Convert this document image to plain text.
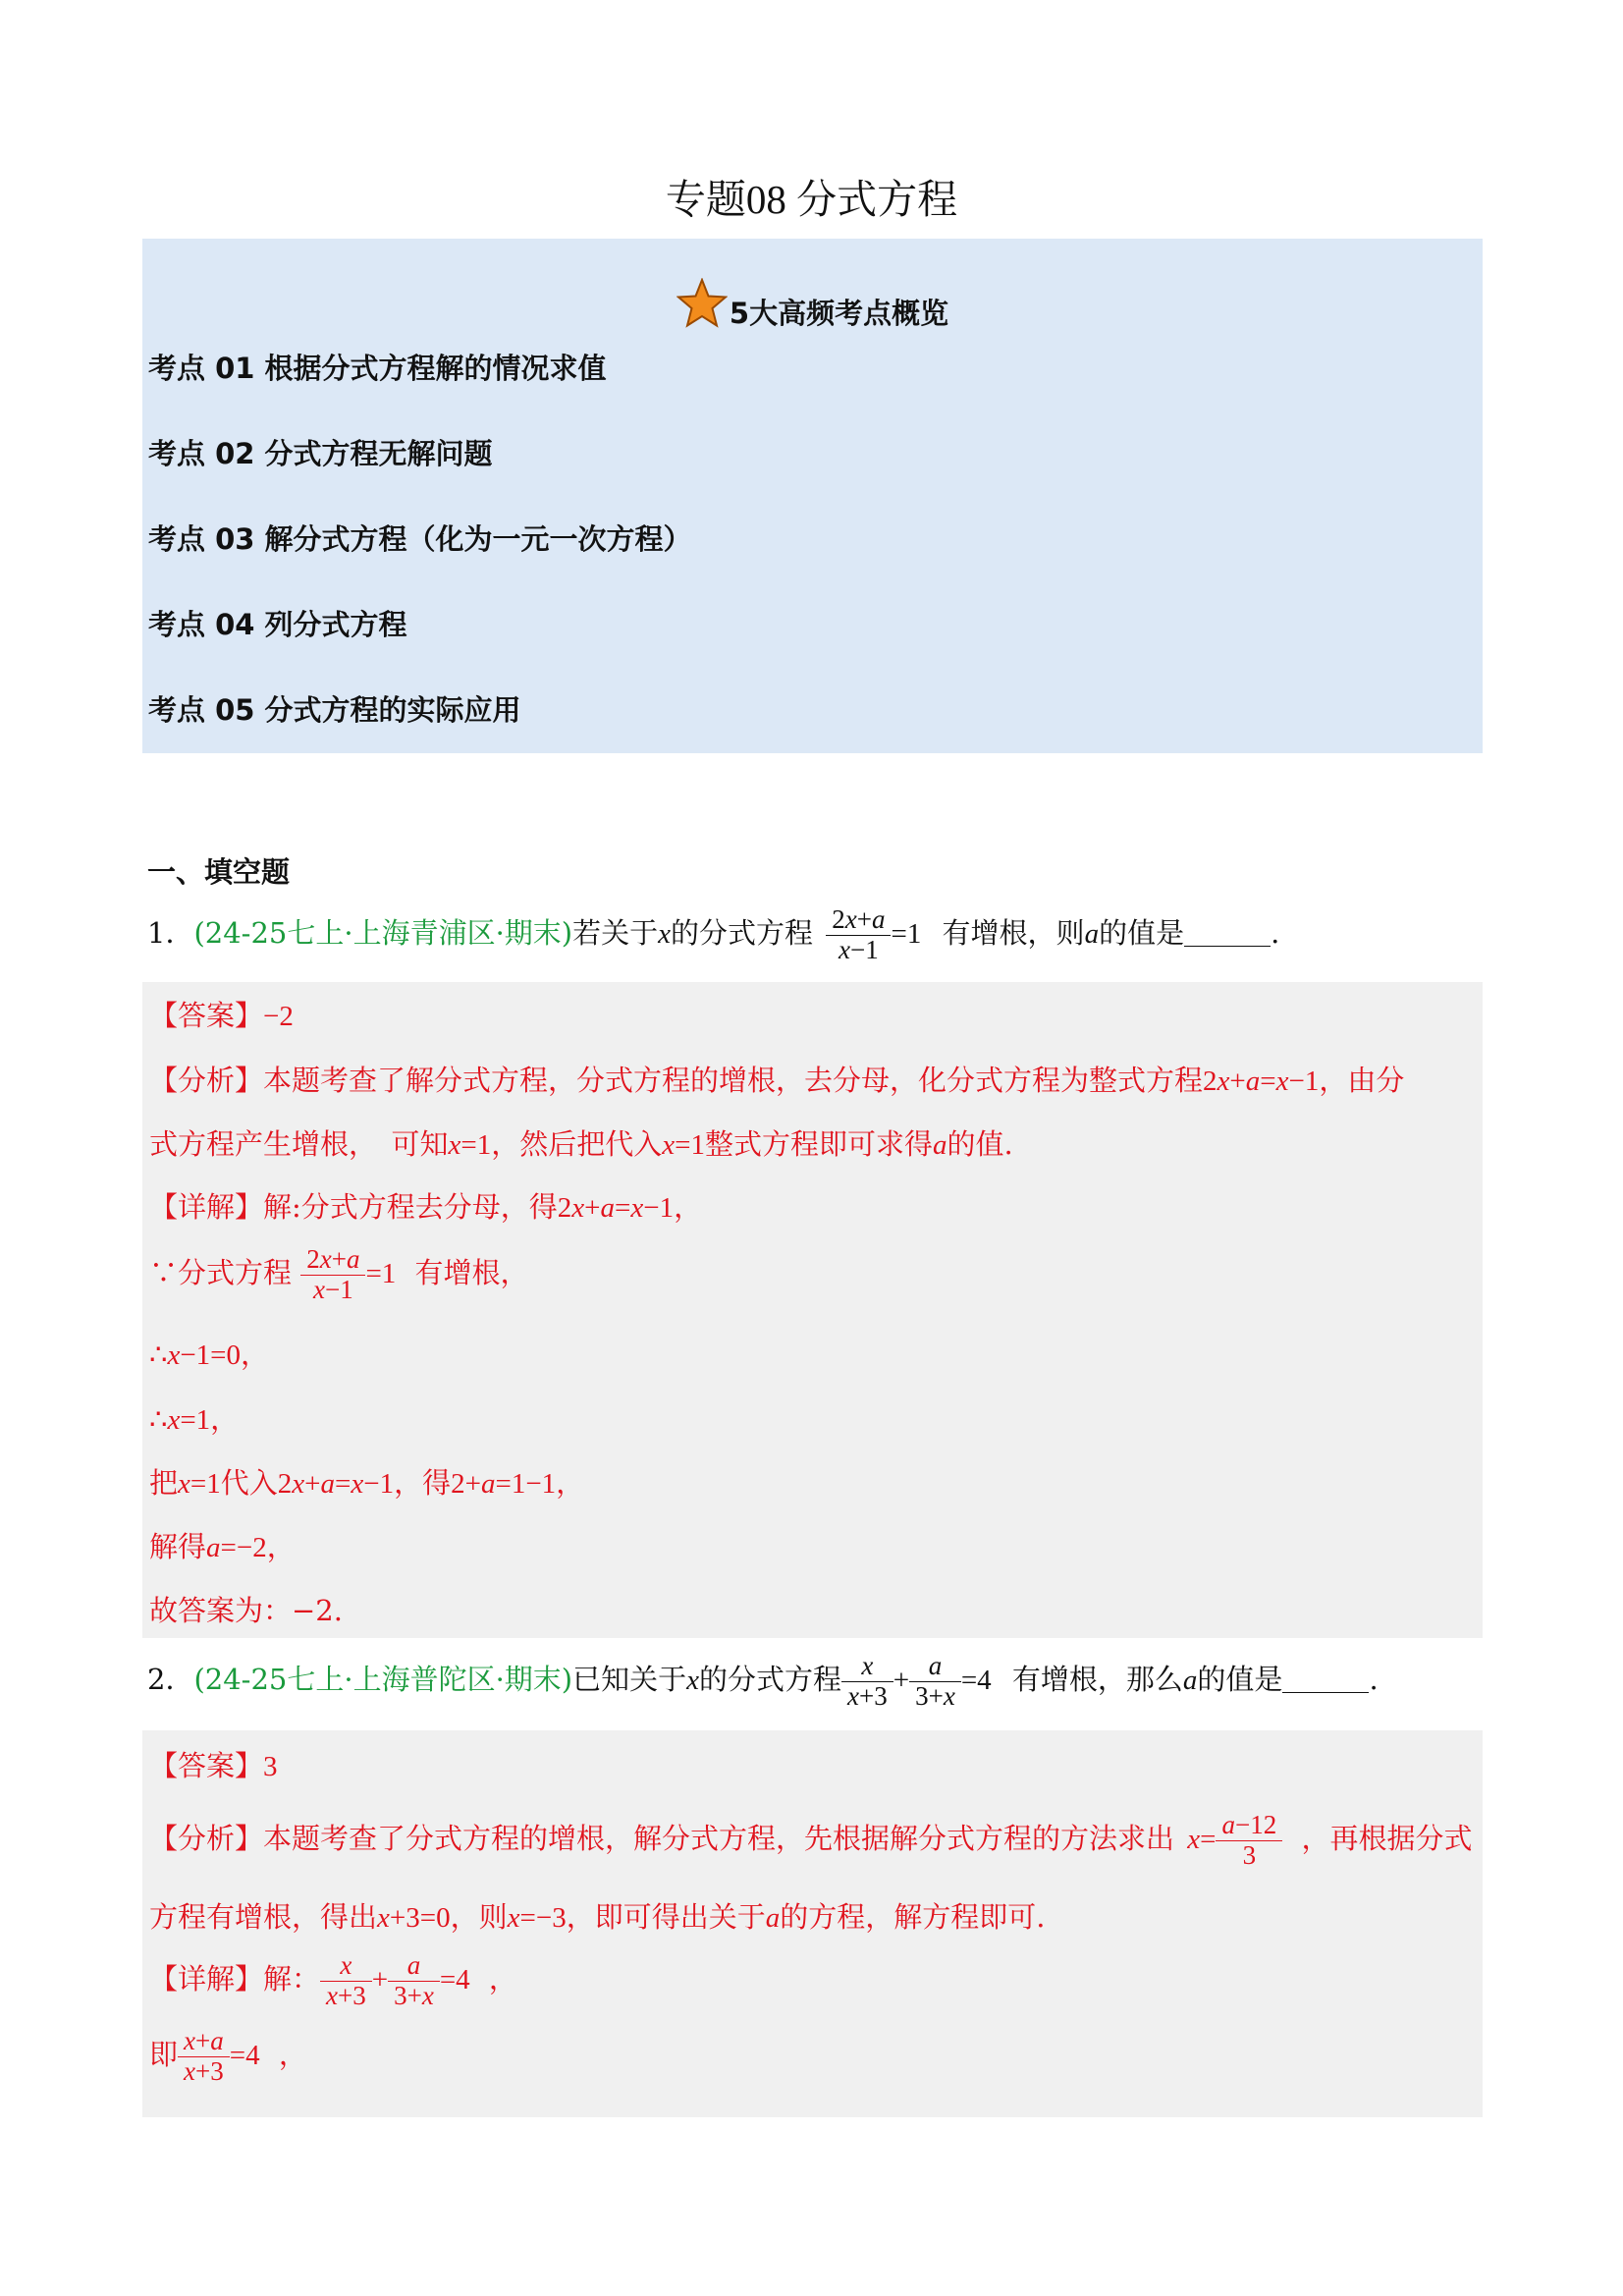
专题08 分式方程
5大高频考点概览
考点 01 根据分式方程解的情况求值
考点 02 分式方程无解问题
考点 03 解分式方程（化为一元一次方程）
考点 04 列分式方程
考点 05 分式方程的实际应用
一、填空题
1．(24-25七上·上海青浦区·期末)若关于x的分式方程 $\frac{2x+a}{x-1} =1$ 有增根，则a的值是	.
【答案】−2
【分析】本题考查了解分式方程，分式方程的增根，去分母，化分式方程为整式方程2x+a=x−1，由分
式方程产生增根，　可知x=1，然后把代入x=1整式方程即可求得a的值.
【详解】解:分式方程去分母，得2x+a=x−1，
∵分式方程 $\frac{2x+a}{x-1} =1$ 有增根，
∴x−1=0，
∴x=1，
把x=1代入2x+a=x−1，得2+a=1−1，
解得a=−2，
故答案为：−2.
2．(24-25七上·上海普陀区·期末)已知关于x的分式方程 $\frac{x}{x+3} + \frac{a}{3+x} =4$ 有增根，那么a的值是	.
【答案】3
【分析】本题考查了分式方程的增根，解分式方程，先根据解分式方程的方法求出 $x= \frac{a-12}{3}$ ，再根据分式
方程有增根，得出x+3=0，则x=−3，即可得出关于a的方程，解方程即可.
【详解】解： $\frac{x}{x+3} + \frac{a}{3+x} =4$ ，
即 $\frac{x+a}{x+3} =4$ ，
